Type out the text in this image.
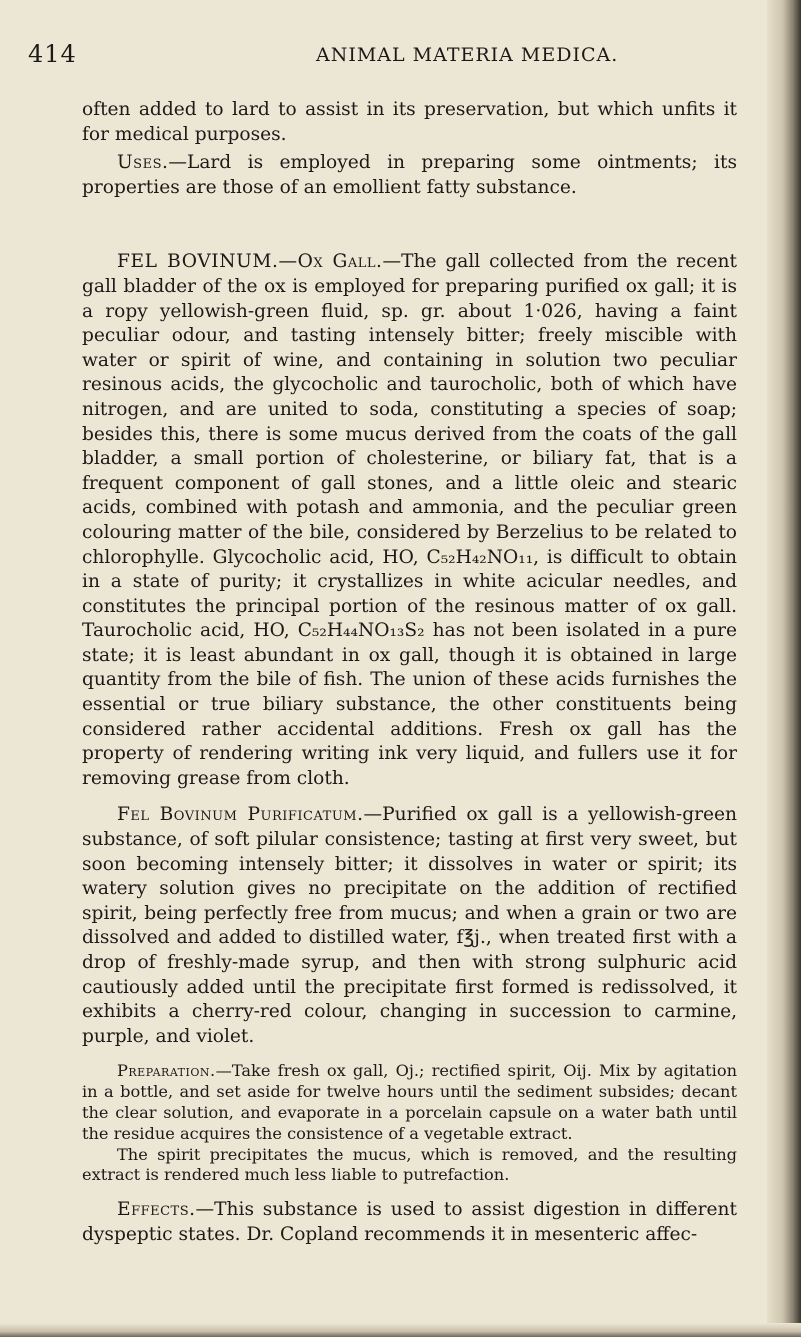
414	ANIMAL MATERIA MEDICA.

often added to lard to assist in its preservation, but which unfits it for medical purposes.

Uses.—Lard is employed in preparing some ointments; its properties are those of an emollient fatty substance.

FEL BOVINUM.—Ox Gall.—The gall collected from the recent gall bladder of the ox is employed for preparing purified ox gall; it is a ropy yellowish-green fluid, sp. gr. about 1·026, having a faint peculiar odour, and tasting intensely bitter; freely miscible with water or spirit of wine, and containing in solution two peculiar resinous acids, the glycocholic and taurocholic, both of which have nitrogen, and are united to soda, constituting a species of soap; besides this, there is some mucus derived from the coats of the gall bladder, a small portion of cholesterine, or biliary fat, that is a frequent component of gall stones, and a little oleic and stearic acids, combined with potash and ammonia, and the peculiar green colouring matter of the bile, considered by Berzelius to be related to chlorophylle. Glycocholic acid, HO, C₅₂H₄₂NO₁₁, is difficult to obtain in a state of purity; it crystallizes in white acicular needles, and constitutes the principal portion of the resinous matter of ox gall. Taurocholic acid, HO, C₅₂H₄₄NO₁₃S₂ has not been isolated in a pure state; it is least abundant in ox gall, though it is obtained in large quantity from the bile of fish. The union of these acids furnishes the essential or true biliary substance, the other constituents being considered rather accidental additions. Fresh ox gall has the property of rendering writing ink very liquid, and fullers use it for removing grease from cloth.

Fel Bovinum Purificatum.—Purified ox gall is a yellowish-green substance, of soft pilular consistence; tasting at first very sweet, but soon becoming intensely bitter; it dissolves in water or spirit; its watery solution gives no precipitate on the addition of rectified spirit, being perfectly free from mucus; and when a grain or two are dissolved and added to distilled water, f℥j., when treated first with a drop of freshly-made syrup, and then with strong sulphuric acid cautiously added until the precipitate first formed is redissolved, it exhibits a cherry-red colour, changing in succession to carmine, purple, and violet.

Preparation.—Take fresh ox gall, Oj.; rectified spirit, Oij. Mix by agitation in a bottle, and set aside for twelve hours until the sediment subsides; decant the clear solution, and evaporate in a porcelain capsule on a water bath until the residue acquires the consistence of a vegetable extract.

The spirit precipitates the mucus, which is removed, and the resulting extract is rendered much less liable to putrefaction.

Effects.—This substance is used to assist digestion in different dyspeptic states. Dr. Copland recommends it in mesenteric affec-
